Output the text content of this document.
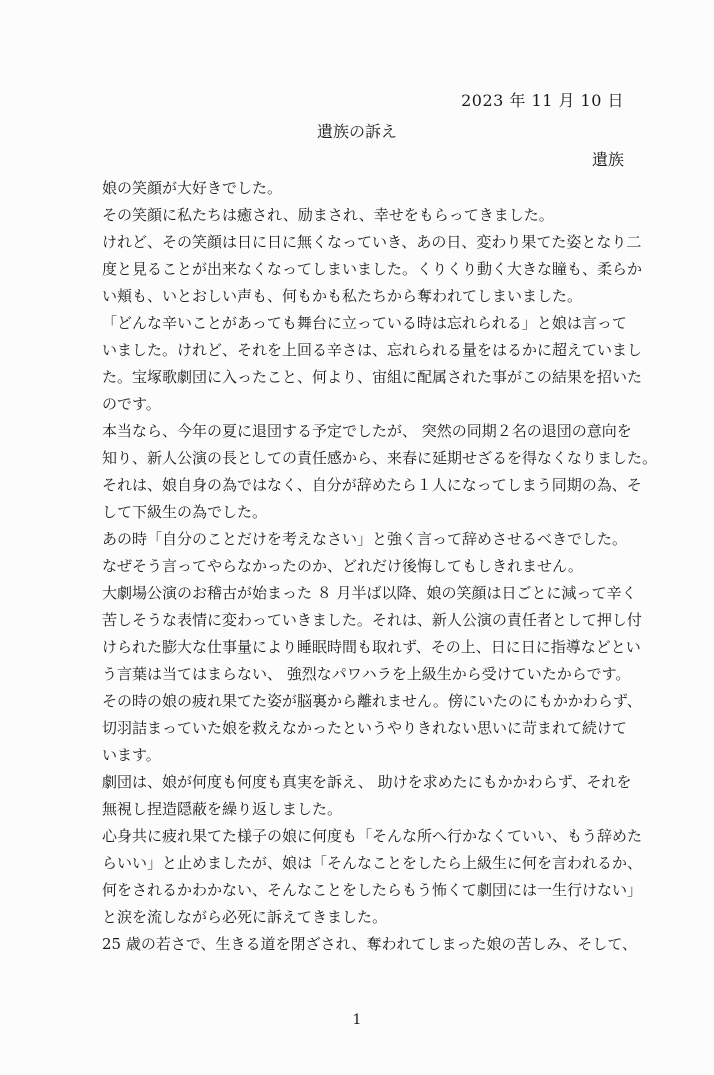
2023 年 11 月 10 日
遺族の訴え
遺族
娘の笑顔が大好きでした。
その笑顔に私たちは癒され、励まされ、幸せをもらってきました。
けれど、その笑顔は日に日に無くなっていき、あの日、変わり果てた姿となり二
度と見ることが出来なくなってしまいました。くりくり動く大きな瞳も、柔らか
い頬も、いとおしい声も、何もかも私たちから奪われてしまいました。
「どんな辛いことがあっても舞台に立っている時は忘れられる」と娘は言って
いました。けれど、それを上回る辛さは、忘れられる量をはるかに超えていまし
た。宝塚歌劇団に入ったこと、何より、宙組に配属された事がこの結果を招いた
のです。
本当なら、今年の夏に退団する予定でしたが、 突然の同期２名の退団の意向を
知り、新人公演の長としての責任感から、来春に延期せざるを得なくなりました。
それは、娘自身の為ではなく、自分が辞めたら１人になってしまう同期の為、そ
して下級生の為でした。
あの時「自分のことだけを考えなさい」と強く言って辞めさせるべきでした。
なぜそう言ってやらなかったのか、どれだけ後悔してもしきれません。
大劇場公演のお稽古が始まった ８ 月半ば以降、娘の笑顔は日ごとに減って辛く
苦しそうな表情に変わっていきました。それは、新人公演の責任者として押し付
けられた膨大な仕事量により睡眠時間も取れず、その上、日に日に指導などとい
う言葉は当てはまらない、 強烈なパワハラを上級生から受けていたからです。
その時の娘の疲れ果てた姿が脳裏から離れません。傍にいたのにもかかわらず、
切羽詰まっていた娘を救えなかったというやりきれない思いに苛まれて続けて
います。
劇団は、娘が何度も何度も真実を訴え、 助けを求めたにもかかわらず、それを
無視し捏造隠蔽を繰り返しました。
心身共に疲れ果てた様子の娘に何度も「そんな所へ行かなくていい、もう辞めた
らいい」と止めましたが、娘は「そんなことをしたら上級生に何を言われるか、
何をされるかわかない、そんなことをしたらもう怖くて劇団には一生行けない」
と涙を流しながら必死に訴えてきました。
25 歳の若さで、生きる道を閉ざされ、奪われてしまった娘の苦しみ、そして、
1
